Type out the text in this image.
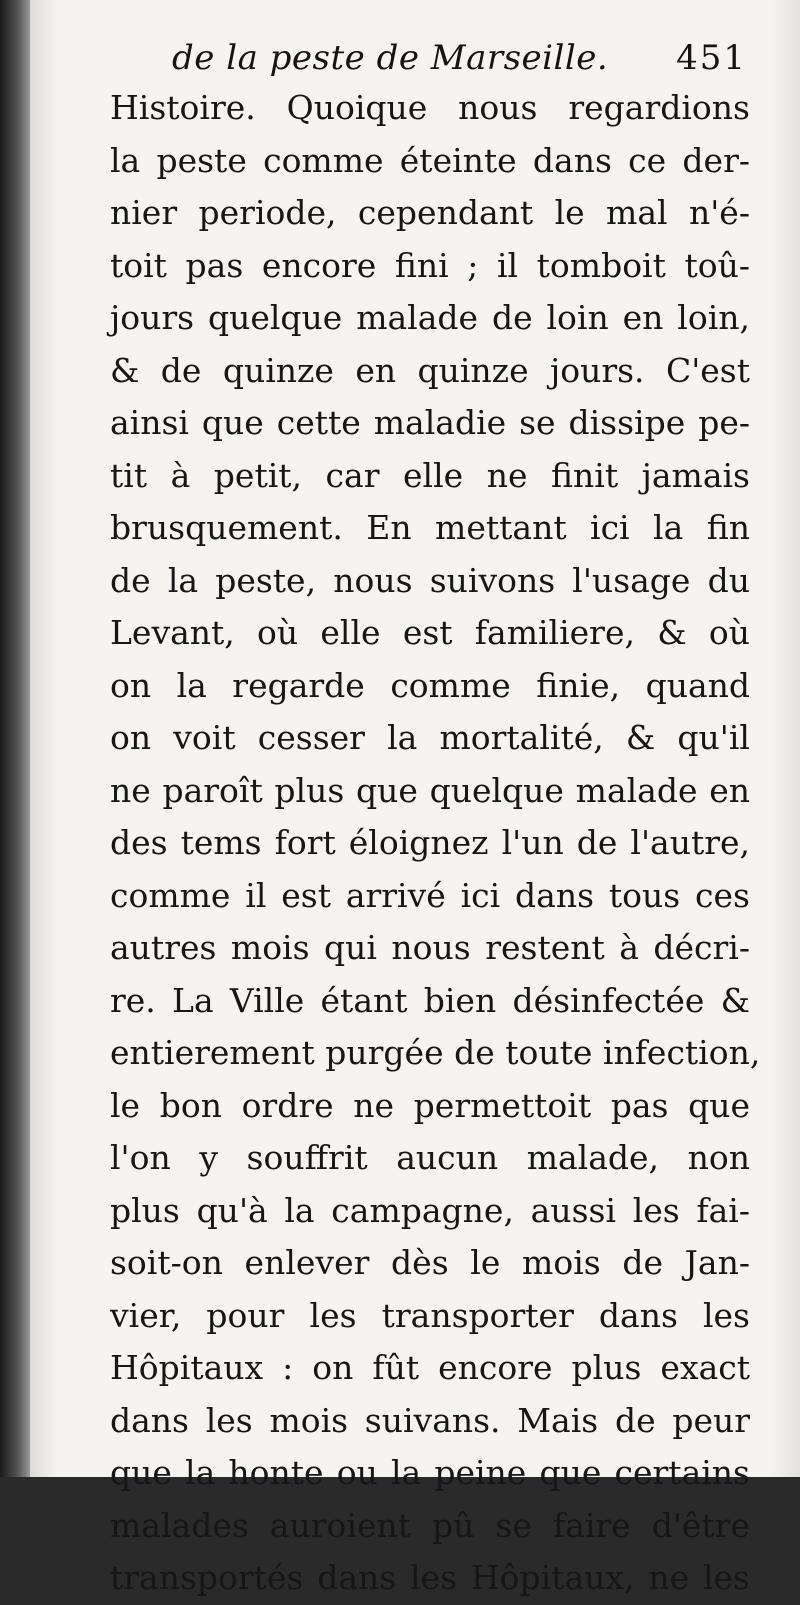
de la peste de Marseille. 451
Histoire. Quoique nous regardions
la peste comme éteinte dans ce der-
nier periode, cependant le mal n'é-
toit pas encore fini ; il tomboit toû-
jours quelque malade de loin en loin,
& de quinze en quinze jours. C'est
ainsi que cette maladie se dissipe pe-
tit à petit, car elle ne finit jamais
brusquement. En mettant ici la fin
de la peste, nous suivons l'usage du
Levant, où elle est familiere, & où
on la regarde comme finie, quand
on voit cesser la mortalité, & qu'il
ne paroît plus que quelque malade en
des tems fort éloignez l'un de l'autre,
comme il est arrivé ici dans tous ces
autres mois qui nous restent à décri-
re. La Ville étant bien désinfectée &
entierement purgée de toute infection,
le bon ordre ne permettoit pas que
l'on y souffrit aucun malade, non
plus qu'à la campagne, aussi les fai-
soit-on enlever dès le mois de Jan-
vier, pour les transporter dans les
Hôpitaux : on fût encore plus exact
dans les mois suivans. Mais de peur
que la honte ou la peine que certains
malades auroient pû se faire d'être
transportés dans les Hôpitaux, ne les
